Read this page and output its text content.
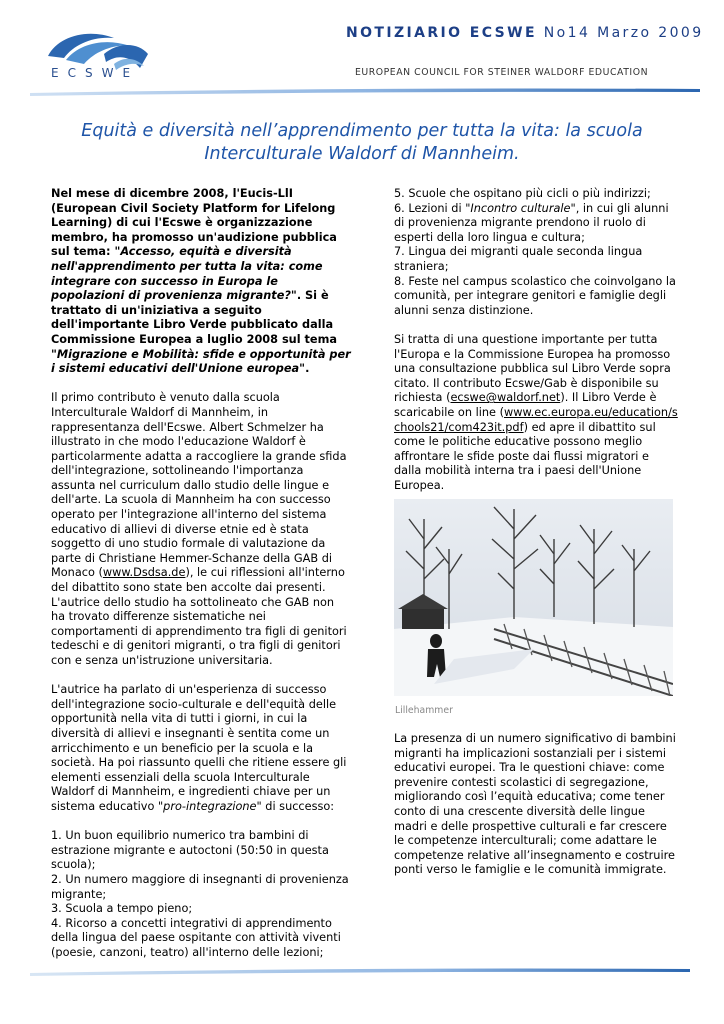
ECSWE
NOTIZIARIO ECSWE No14 Marzo 2009
EUROPEAN COUNCIL FOR STEINER WALDORF EDUCATION
Equità e diversità nell’apprendimento per tutta la vita: la scuola
Interculturale Waldorf di Mannheim.

Nel mese di dicembre 2008, l'Eucis-LlI (European Civil Society Platform for Lifelong Learning) di cui l'Ecswe è organizzazione membro, ha promosso un'audizione pubblica sul tema: "Accesso, equità e diversità nell'apprendimento per tutta la vita: come integrare con successo in Europa le popolazioni di provenienza migrante?". Si è trattato di un'iniziativa a seguito dell'importante Libro Verde pubblicato dalla Commissione Europea a luglio 2008 sul tema "Migrazione e Mobilità: sfide e opportunità per i sistemi educativi dell'Unione europea".

Il primo contributo è venuto dalla scuola Interculturale Waldorf di Mannheim, in rappresentanza dell'Ecswe. Albert Schmelzer ha illustrato in che modo l'educazione Waldorf è particolarmente adatta a raccogliere la grande sfida dell'integrazione, sottolineando l'importanza assunta nel curriculum dallo studio delle lingue e dell'arte. La scuola di Mannheim ha con successo operato per l'integrazione all'interno del sistema educativo di allievi di diverse etnie ed è stata soggetto di uno studio formale di valutazione da parte di Christiane Hemmer-Schanze della GAB di Monaco (www.Dsdsa.de), le cui riflessioni all'interno del dibattito sono state ben accolte dai presenti. L'autrice dello studio ha sottolineato che GAB non ha trovato differenze sistematiche nei comportamenti di apprendimento tra figli di genitori tedeschi e di genitori migranti, o tra figli di genitori con e senza un'istruzione universitaria.

L'autrice ha parlato di un'esperienza di successo dell'integrazione socio-culturale e dell'equità delle opportunità nella vita di tutti i giorni, in cui la diversità di allievi e insegnanti è sentita come un arricchimento e un beneficio per la scuola e la società. Ha poi riassunto quelli che ritiene essere gli elementi essenziali della scuola Interculturale Waldorf di Mannheim, e ingredienti chiave per un sistema educativo "pro-integrazione" di successo:

1. Un buon equilibrio numerico tra bambini di estrazione migrante e autoctoni (50:50 in questa scuola);

2. Un numero maggiore di insegnanti di provenienza migrante;

3. Scuola a tempo pieno;

4. Ricorso a concetti integrativi di apprendimento della lingua del paese ospitante con attività viventi (poesie, canzoni, teatro) all'interno delle lezioni;

5. Scuole che ospitano più cicli o più indirizzi;

6. Lezioni di "Incontro culturale", in cui gli alunni di provenienza migrante prendono il ruolo di esperti della loro lingua e cultura;

7. Lingua dei migranti quale seconda lingua straniera;

8. Feste nel campus scolastico che coinvolgano la comunità, per integrare genitori e famiglie degli alunni senza distinzione.

Si tratta di una questione importante per tutta l'Europa e la Commissione Europea ha promosso una consultazione pubblica sul Libro Verde sopra citato. Il contributo Ecswe/Gab è disponibile su richiesta (ecswe@waldorf.net). Il Libro Verde è scaricabile on line (www.ec.europa.eu/education/schools21/com423it.pdf) ed apre il dibattito sul come le politiche educative possono meglio affrontare le sfide poste dai flussi migratori e dalla mobilità interna tra i paesi dell'Unione Europea.

Lillehammer

La presenza di un numero significativo di bambini migranti ha implicazioni sostanziali per i sistemi educativi europei. Tra le questioni chiave: come prevenire contesti scolastici di segregazione, migliorando così l’equità educativa; come tener conto di una crescente diversità delle lingue madri e delle prospettive culturali e far crescere le competenze interculturali; come adattare le competenze relative all’insegnamento e costruire ponti verso le famiglie e le comunità immigrate.
